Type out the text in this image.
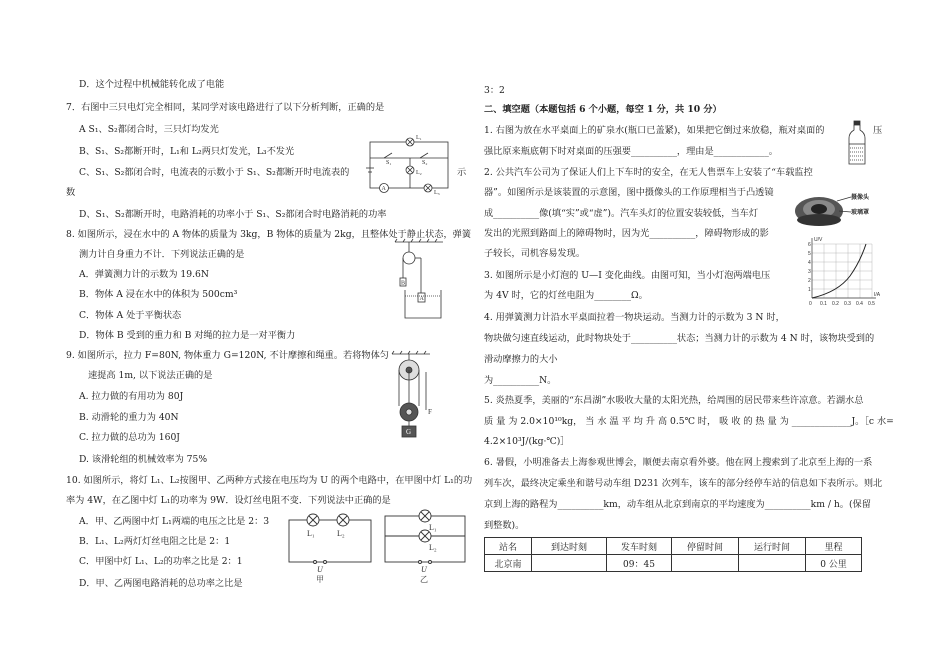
D．这个过程中机械能转化成了电能
7．右图中三只电灯完全相同，某同学对该电路进行了以下分析判断，正确的是
A S₁、S₂都闭合时，三只灯均发光
B、S₁、S₂都断开时，L₁和 L₂两只灯发光，L₃不发光
C、S₁、S₂都闭合时，电流表的示数小于 S₁、S₂都断开时电流表的	示
数
D、S₁、S₂都断开时，电路消耗的功率小于 S₁、S₂都闭合时电路消耗的功率
8. 如图所示，浸在水中的 A 物体的质量为 3kg，B 物体的质量为 2kg，且整体处于静止状态，弹簧
测力计自身重力不计．下列说法正确的是
A．弹簧测力计的示数为 19.6N
B．物体 A 浸在水中的体积为 500cm³
C．物体 A 处于平衡状态
D．物体 B 受到的重力和 B 对绳的拉力是一对平衡力
9. 如图所示，拉力 F=80N, 物体重力 G=120N, 不计摩擦和绳重。若将物体匀
速提高 1m, 以下说法正确的是
A. 拉力做的有用功为 80J
B. 动滑轮的重力为 40N
C. 拉力做的总功为 160J
D. 该滑轮组的机械效率为 75%
10. 如图所示，将灯 L₁、L₂按图甲、乙两种方式接在电压均为 U 的两个电路中，在甲图中灯 L₁的功
率为 4W，在乙图中灯 L₁的功率为 9W．设灯丝电阻不变．下列说法中正确的是
A．甲、乙两图中灯 L₁两端的电压之比是 2：3
B．L₁、L₂两灯灯丝电阻之比是 2：1
C．甲图中灯 L₁、L₂的功率之比是 2：1
D．甲、乙两图电路消耗的总功率之比是
S₁	S₂
A
L₁
L₂
L₃
B
A
F
G
L₁	L₂
U
甲
L₁
L₂
U
乙
3：2
二、填空题（本题包括 6 个小题，每空 1 分，共 10 分）
1. 右图为放在水平桌面上的矿泉水(瓶口已盖紧)，如果把它倒过来放稳，瓶对桌面的	压
强比原来瓶底朝下时对桌面的压强要__________，理由是____________。
2. 公共汽车公司为了保证人们上下车时的安全，在无人售票车上安装了“车载监控
器”。如图所示是该装置的示意图，图中摄像头的工作原理相当于凸透镜
成__________像(填“实”或“虚”)。汽车头灯的位置安装较低，当车灯
发出的光照到路面上的障碍物时，因为光__________，障碍物形成的影
子较长，司机容易发现。
3. 如图所示是小灯泡的 U—I 变化曲线。由图可知，当小灯泡两端电压
为 4V 时，它的灯丝电阻为________Ω。
4. 用弹簧测力计沿水平桌面拉着一物块运动。当测力计的示数为 3 N 时，
物块做匀速直线运动，此时物块处于__________状态；当测力计的示数为 4 N 时，该物块受到的
滑动摩擦力的大小
为__________N。
5. 炎热夏季，美丽的“东昌湖”水吸收大量的太阳光热，给周围的居民带来些许凉意。若湖水总
质 量 为 2.0×10¹⁰kg， 当 水 温 平 均 升 高 0.5℃ 时， 吸 收 的 热 量 为 _____________J。［c 水=
4.2×10³J/(kg·℃)］
6. 暑假，小明准备去上海参观世博会，顺便去南京看外婆。他在网上搜索到了北京至上海的一系
列车次，最终决定乘坐和谐号动车组 D231 次列车，该车的部分经停车站的信息如下表所示。则北
京到上海的路程为__________km，动车组从北京到南京的平均速度为__________km / h。(保留
到整数)。
摄像头
玻璃罩
U/V
I/A
1
2
3
4
5
6
0 0.1 0.2 0.3 0.4 0.5
站名	到达时刻	发车时刻	停留时间	运行时间	里程
北京南		09：45			0 公里
